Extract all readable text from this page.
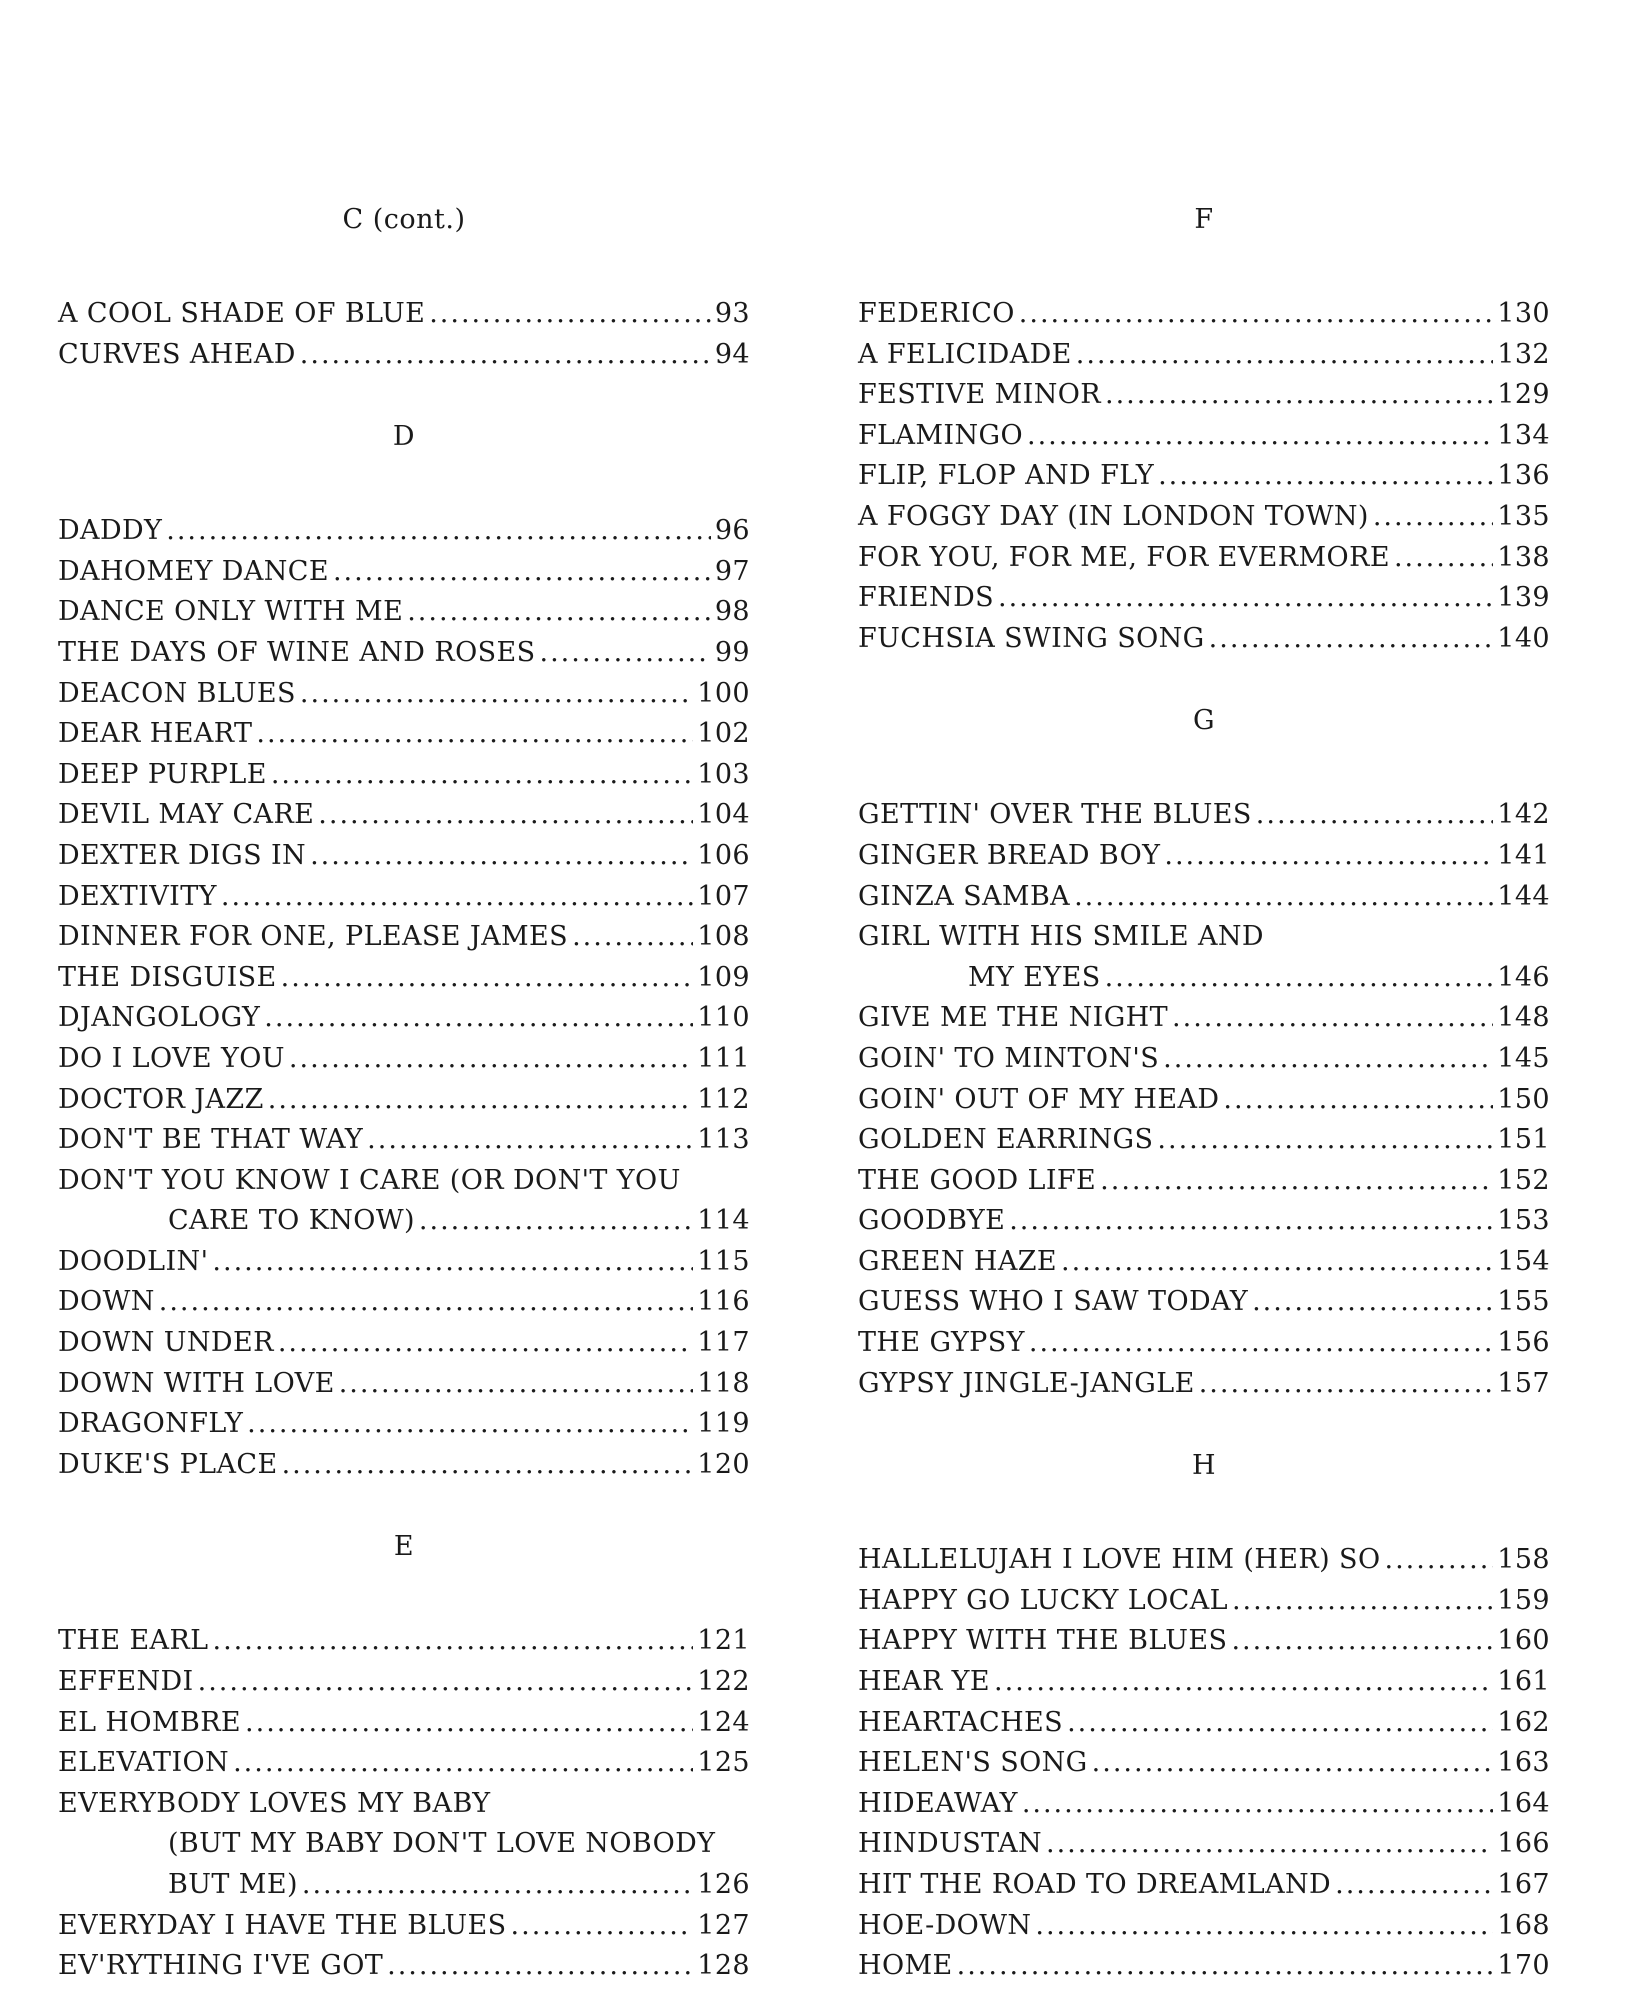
C (cont.)
A COOL SHADE OF BLUE .....	93
CURVES AHEAD .....	94
D
DADDY .....	96
DAHOMEY DANCE .....	97
DANCE ONLY WITH ME .....	98
THE DAYS OF WINE AND ROSES .....	99
DEACON BLUES .....	100
DEAR HEART .....	102
DEEP PURPLE .....	103
DEVIL MAY CARE .....	104
DEXTER DIGS IN .....	106
DEXTIVITY .....	107
DINNER FOR ONE, PLEASE JAMES .....	108
THE DISGUISE .....	109
DJANGOLOGY .....	110
DO I LOVE YOU .....	111
DOCTOR JAZZ .....	112
DON'T BE THAT WAY .....	113
DON'T YOU KNOW I CARE (OR DON'T YOU
CARE TO KNOW) .....	114
DOODLIN' .....	115
DOWN .....	116
DOWN UNDER .....	117
DOWN WITH LOVE .....	118
DRAGONFLY .....	119
DUKE'S PLACE .....	120
E
THE EARL .....	121
EFFENDI .....	122
EL HOMBRE .....	124
ELEVATION .....	125
EVERYBODY LOVES MY BABY
(BUT MY BABY DON'T LOVE NOBODY
BUT ME) .....	126
EVERYDAY I HAVE THE BLUES .....	127
EV'RYTHING I'VE GOT .....	128
F
FEDERICO .....	130
A FELICIDADE .....	132
FESTIVE MINOR .....	129
FLAMINGO .....	134
FLIP, FLOP AND FLY .....	136
A FOGGY DAY (IN LONDON TOWN) .....	135
FOR YOU, FOR ME, FOR EVERMORE .....	138
FRIENDS .....	139
FUCHSIA SWING SONG .....	140
G
GETTIN' OVER THE BLUES .....	142
GINGER BREAD BOY .....	141
GINZA SAMBA .....	144
GIRL WITH HIS SMILE AND
MY EYES .....	146
GIVE ME THE NIGHT .....	148
GOIN' TO MINTON'S .....	145
GOIN' OUT OF MY HEAD .....	150
GOLDEN EARRINGS .....	151
THE GOOD LIFE .....	152
GOODBYE .....	153
GREEN HAZE .....	154
GUESS WHO I SAW TODAY .....	155
THE GYPSY .....	156
GYPSY JINGLE-JANGLE .....	157
H
HALLELUJAH I LOVE HIM (HER) SO .....	158
HAPPY GO LUCKY LOCAL .....	159
HAPPY WITH THE BLUES .....	160
HEAR YE .....	161
HEARTACHES .....	162
HELEN'S SONG .....	163
HIDEAWAY .....	164
HINDUSTAN .....	166
HIT THE ROAD TO DREAMLAND .....	167
HOE-DOWN .....	168
HOME .....	170
